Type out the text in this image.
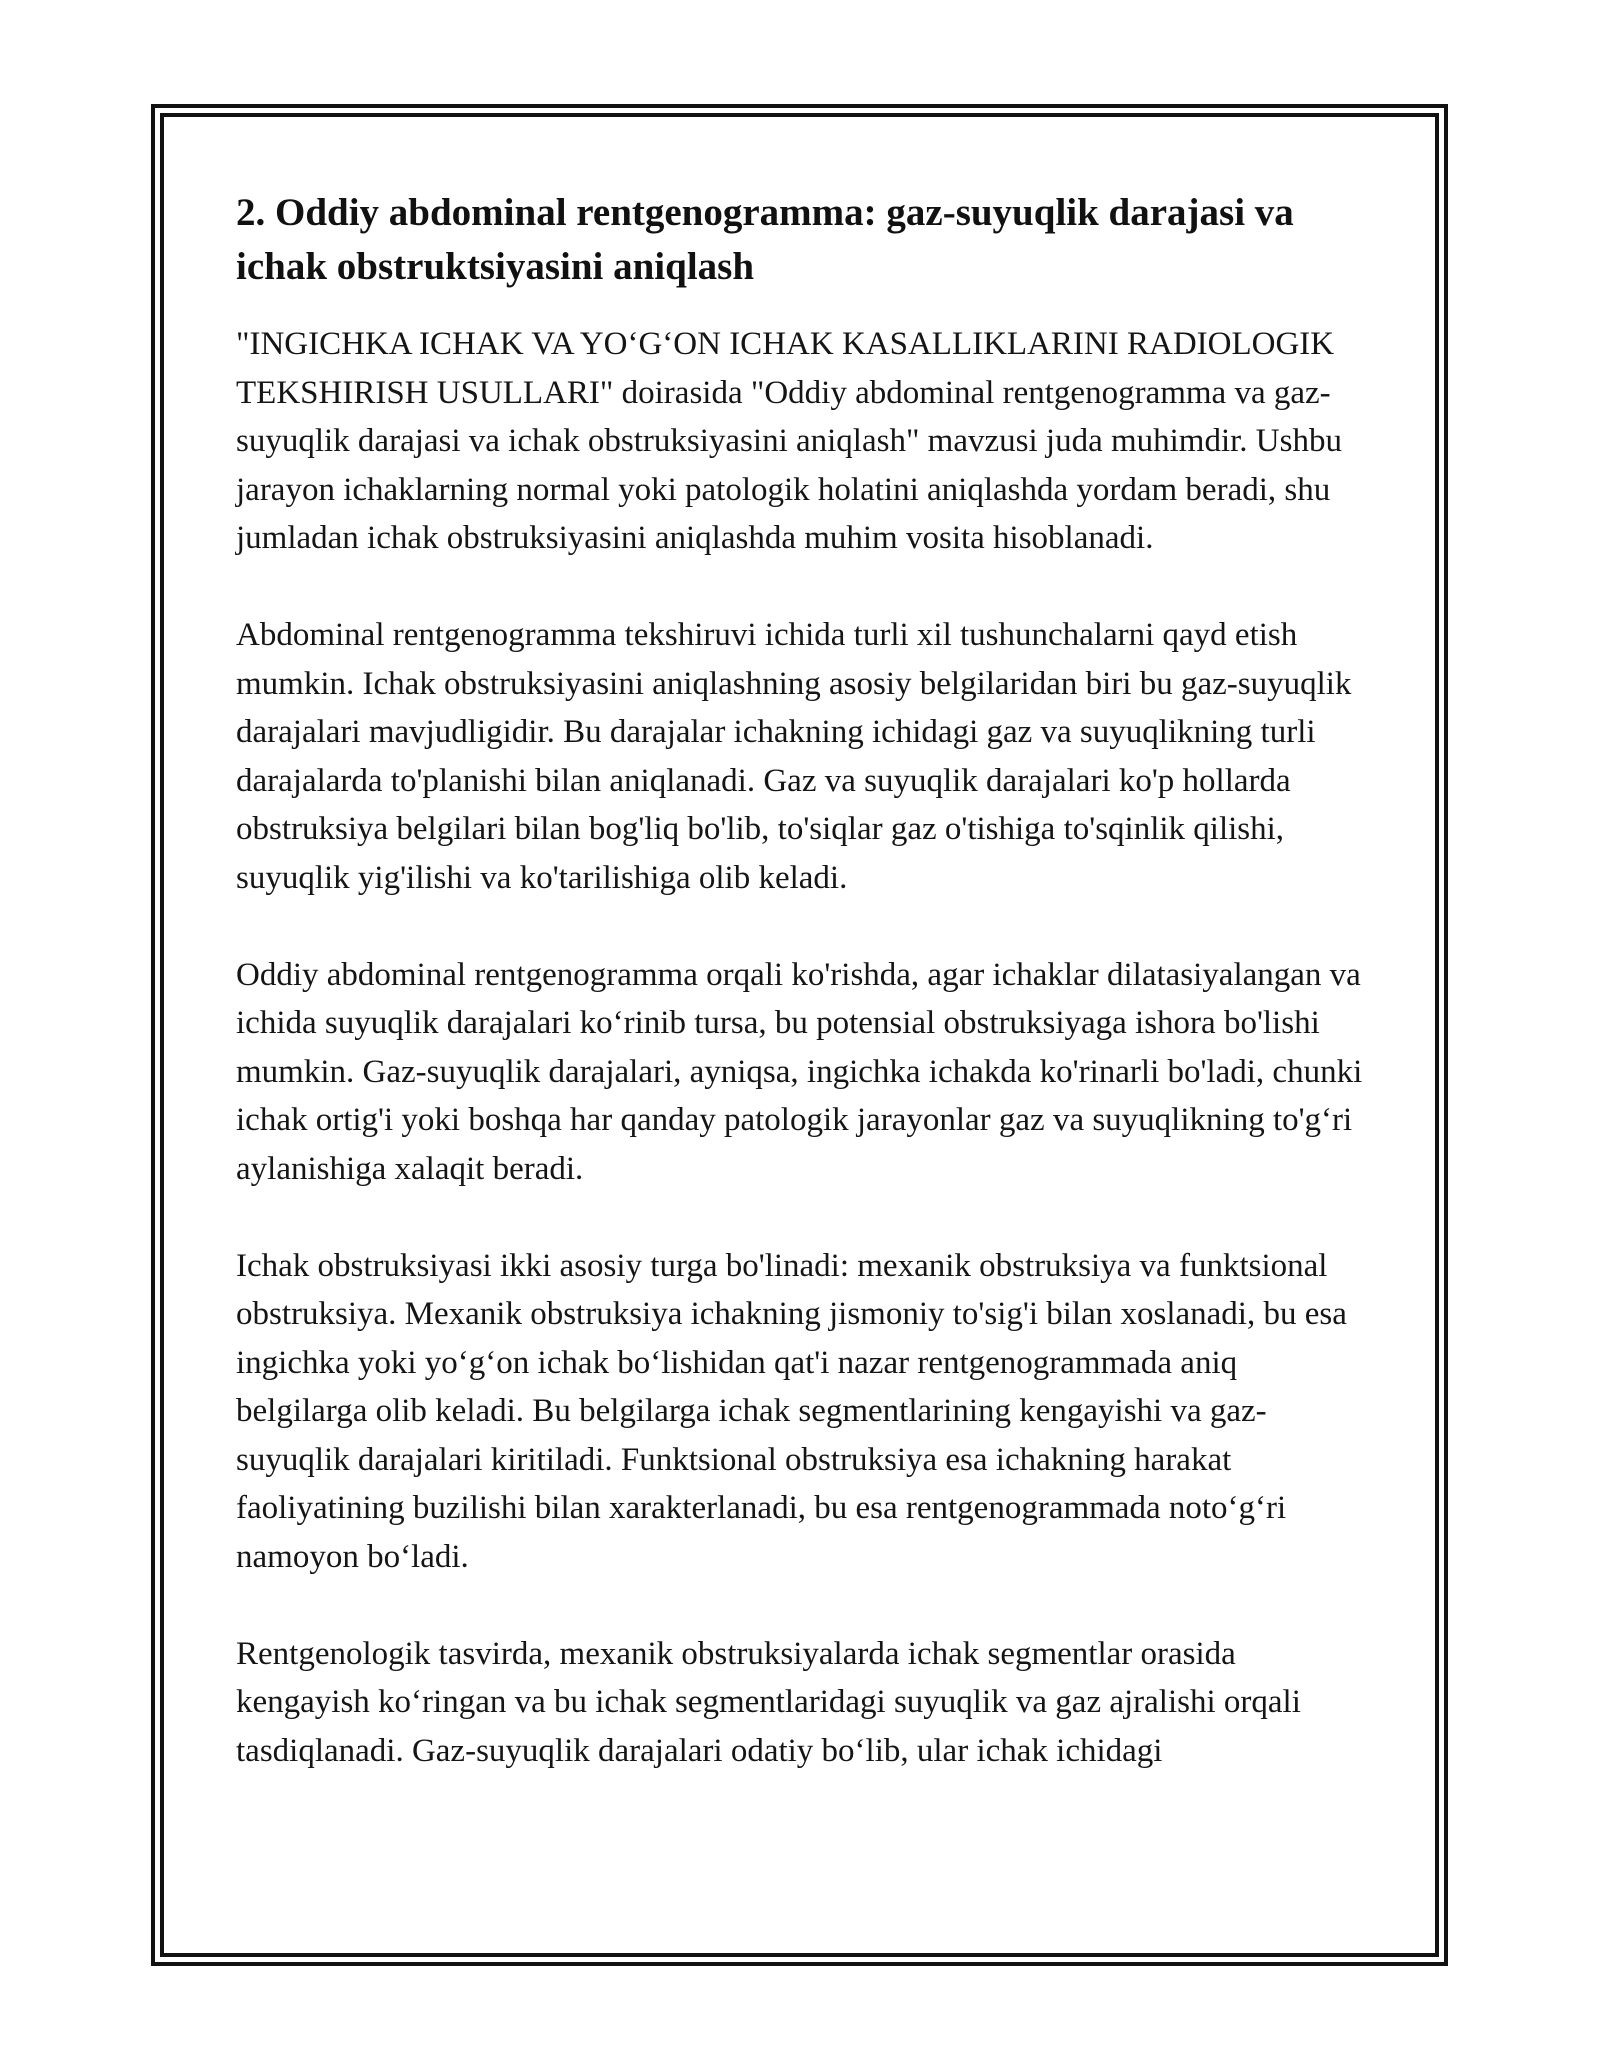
2. Oddiy abdominal rentgenogramma: gaz-suyuqlik darajasi va ichak obstruktsiyasini aniqlash

"INGICHKA ICHAK VA YO‘G‘ON ICHAK KASALLIKLARINI RADIOLOGIK TEKSHIRISH USULLARI" doirasida "Oddiy abdominal rentgenogramma va gaz-suyuqlik darajasi va ichak obstruksiyasini aniqlash" mavzusi juda muhimdir. Ushbu jarayon ichaklarning normal yoki patologik holatini aniqlashda yordam beradi, shu jumladan ichak obstruksiyasini aniqlashda muhim vosita hisoblanadi.

Abdominal rentgenogramma tekshiruvi ichida turli xil tushunchalarni qayd etish mumkin. Ichak obstruksiyasini aniqlashning asosiy belgilaridan biri bu gaz-suyuqlik darajalari mavjudligidir. Bu darajalar ichakning ichidagi gaz va suyuqlikning turli darajalarda to'planishi bilan aniqlanadi. Gaz va suyuqlik darajalari ko'p hollarda obstruksiya belgilari bilan bog'liq bo'lib, to'siqlar gaz o'tishiga to'sqinlik qilishi, suyuqlik yig'ilishi va ko'tarilishiga olib keladi.

Oddiy abdominal rentgenogramma orqali ko'rishda, agar ichaklar dilatasiyalangan va ichida suyuqlik darajalari ko‘rinib tursa, bu potensial obstruksiyaga ishora bo'lishi mumkin. Gaz-suyuqlik darajalari, ayniqsa, ingichka ichakda ko'rinarli bo'ladi, chunki ichak ortig'i yoki boshqa har qanday patologik jarayonlar gaz va suyuqlikning to'g‘ri aylanishiga xalaqit beradi.

Ichak obstruksiyasi ikki asosiy turga bo'linadi: mexanik obstruksiya va funktsional obstruksiya. Mexanik obstruksiya ichakning jismoniy to'sig'i bilan xoslanadi, bu esa ingichka yoki yo‘g‘on ichak bo‘lishidan qat'i nazar rentgenogrammada aniq belgilarga olib keladi. Bu belgilarga ichak segmentlarining kengayishi va gaz-suyuqlik darajalari kiritiladi. Funktsional obstruksiya esa ichakning harakat faoliyatining buzilishi bilan xarakterlanadi, bu esa rentgenogrammada noto‘g‘ri namoyon bo‘ladi.

Rentgenologik tasvirda, mexanik obstruksiyalarda ichak segmentlar orasida kengayish ko‘ringan va bu ichak segmentlaridagi suyuqlik va gaz ajralishi orqali tasdiqlanadi. Gaz-suyuqlik darajalari odatiy bo‘lib, ular ichak ichidagi
